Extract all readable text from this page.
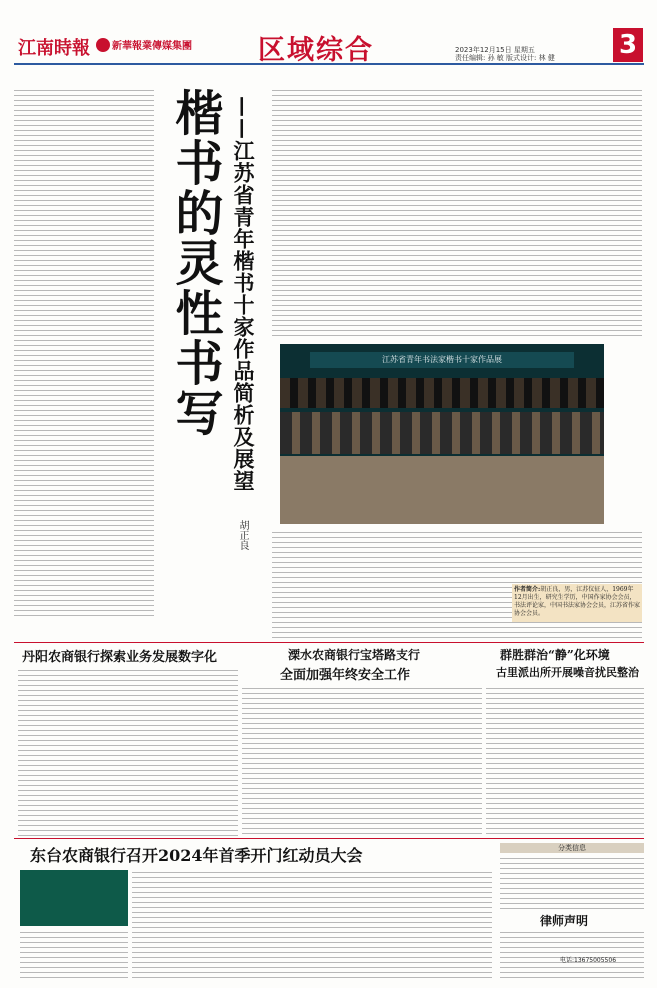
江南時報	新華報業傳媒集團 区域综合	2023年12月15日 星期五
责任编辑: 孙 敏 版式设计: 林 健	3
楷书的灵性书写 ——江苏省青年楷书十家作品简析及展望
胡正良
江苏省青年书法家楷书十家作品展
作者简介:胡正良，男，江苏仪征人，1969年12月出生，研究生学历，中国作家协会会员，书法评论家，中国书法家协会会员，江苏省作家协会会员。
丹阳农商银行探索业务发展数字化	溧水农商银行宝塔路支行
全面加强年终安全工作
群胜群治“静”化环境
古里派出所开展噪音扰民整治
东台农商银行召开2024年首季开门红动员大会	分类信息
律师声明
电话:13675005506
